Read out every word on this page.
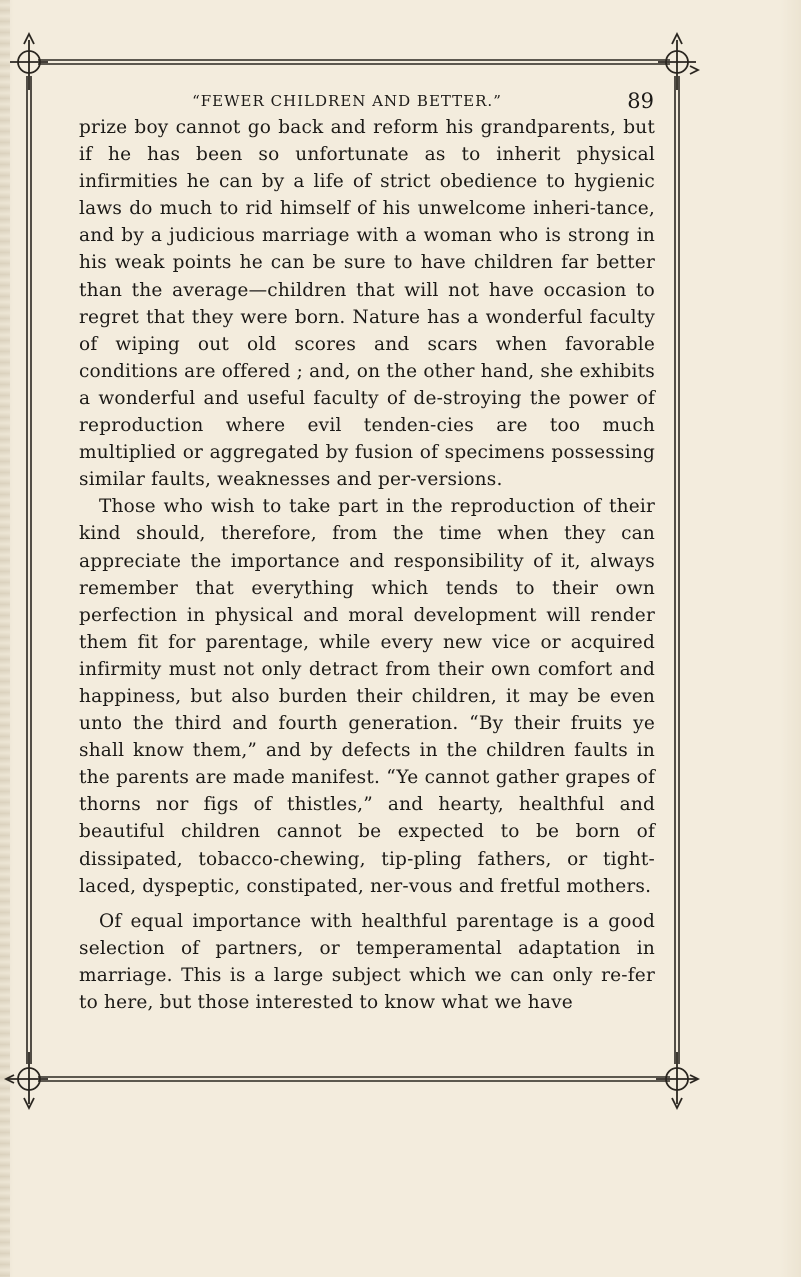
“FEWER CHILDREN AND BETTER.”	89

prize boy cannot go back and reform his grandparents, but if he has been so unfortunate as to inherit physical infirmities he can by a life of strict obedience to hygienic laws do much to rid himself of his unwelcome inheri-tance, and by a judicious marriage with a woman who is strong in his weak points he can be sure to have children far better than the average—children that will not have occasion to regret that they were born. Nature has a wonderful faculty of wiping out old scores and scars when favorable conditions are offered ; and, on the other hand, she exhibits a wonderful and useful faculty of de-stroying the power of reproduction where evil tenden-cies are too much multiplied or aggregated by fusion of specimens possessing similar faults, weaknesses and per-versions.

Those who wish to take part in the reproduction of their kind should, therefore, from the time when they can appreciate the importance and responsibility of it, always remember that everything which tends to their own perfection in physical and moral development will render them fit for parentage, while every new vice or acquired infirmity must not only detract from their own comfort and happiness, but also burden their children, it may be even unto the third and fourth generation. “By their fruits ye shall know them,” and by defects in the children faults in the parents are made manifest. “Ye cannot gather grapes of thorns nor figs of thistles,” and hearty, healthful and beautiful children cannot be expected to be born of dissipated, tobacco-chewing, tip-pling fathers, or tight-laced, dyspeptic, constipated, ner-vous and fretful mothers.

Of equal importance with healthful parentage is a good selection of partners, or temperamental adaptation in marriage. This is a large subject which we can only re-fer to here, but those interested to know what we have
